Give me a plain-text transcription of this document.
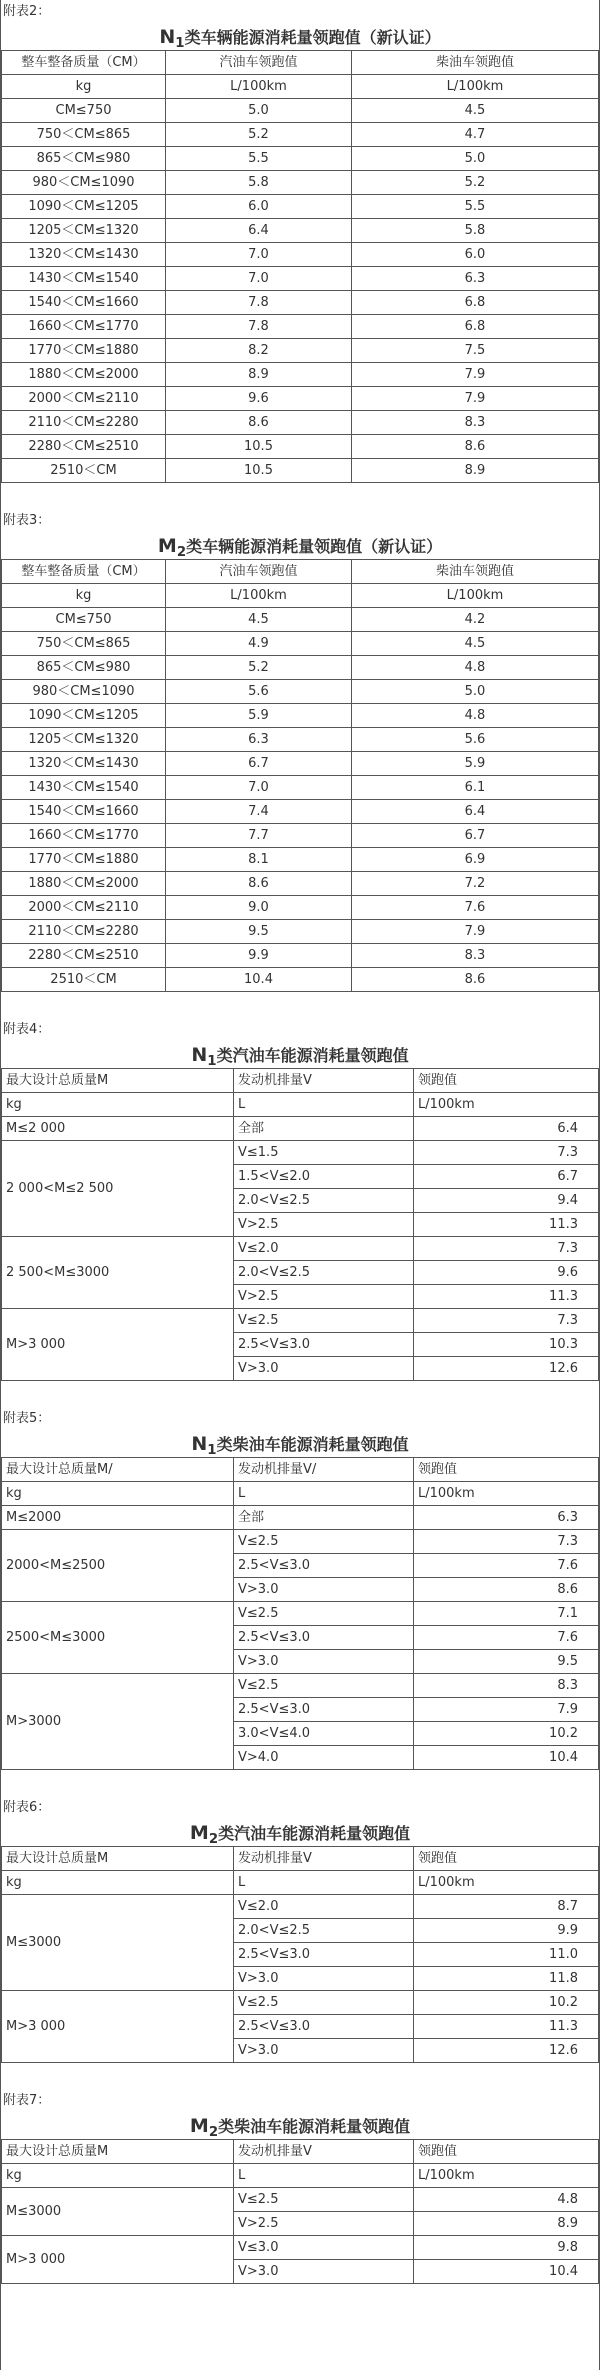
附表2：
$N_1$类车辆能源消耗量领跑值（新认证）
整车整备质量（CM）	汽油车领跑值	柴油车领跑值
kg	L/100km	L/100km
CM≤750	5.0	4.5
750＜CM≤865	5.2	4.7
865＜CM≤980	5.5	5.0
980＜CM≤1090	5.8	5.2
1090＜CM≤1205	6.0	5.5
1205＜CM≤1320	6.4	5.8
1320＜CM≤1430	7.0	6.0
1430＜CM≤1540	7.0	6.3
1540＜CM≤1660	7.8	6.8
1660＜CM≤1770	7.8	6.8
1770＜CM≤1880	8.2	7.5
1880＜CM≤2000	8.9	7.9
2000＜CM≤2110	9.6	7.9
2110＜CM≤2280	8.6	8.3
2280＜CM≤2510	10.5	8.6
2510＜CM	10.5	8.9
附表3：
$M_2$类车辆能源消耗量领跑值（新认证）
整车整备质量（CM）	汽油车领跑值	柴油车领跑值
kg	L/100km	L/100km
CM≤750	4.5	4.2
750＜CM≤865	4.9	4.5
865＜CM≤980	5.2	4.8
980＜CM≤1090	5.6	5.0
1090＜CM≤1205	5.9	4.8
1205＜CM≤1320	6.3	5.6
1320＜CM≤1430	6.7	5.9
1430＜CM≤1540	7.0	6.1
1540＜CM≤1660	7.4	6.4
1660＜CM≤1770	7.7	6.7
1770＜CM≤1880	8.1	6.9
1880＜CM≤2000	8.6	7.2
2000＜CM≤2110	9.0	7.6
2110＜CM≤2280	9.5	7.9
2280＜CM≤2510	9.9	8.3
2510＜CM	10.4	8.6
附表4：
$N_1$类汽油车能源消耗量领跑值
最大设计总质量M	发动机排量V	领跑值
kg	L	L/100km
M≤2 000	全部	6.4
2 000<M≤2 500	V≤1.5	7.3
	1.5<V≤2.0	6.7
	2.0<V≤2.5	9.4
	V>2.5	11.3
2 500<M≤3000	V≤2.0	7.3
	2.0<V≤2.5	9.6
	V>2.5	11.3
M>3 000	V≤2.5	7.3
	2.5<V≤3.0	10.3
	V>3.0	12.6
附表5：
$N_1$类柴油车能源消耗量领跑值
最大设计总质量M/	发动机排量V/	领跑值
kg	L	L/100km
M≤2000	全部	6.3
2000<M≤2500	V≤2.5	7.3
	2.5<V≤3.0	7.6
	V>3.0	8.6
2500<M≤3000	V≤2.5	7.1
	2.5<V≤3.0	7.6
	V>3.0	9.5
M>3000	V≤2.5	8.3
	2.5<V≤3.0	7.9
	3.0<V≤4.0	10.2
	V>4.0	10.4
附表6：
$M_2$类汽油车能源消耗量领跑值
最大设计总质量M	发动机排量V	领跑值
kg	L	L/100km
M≤3000	V≤2.0	8.7
	2.0<V≤2.5	9.9
	2.5<V≤3.0	11.0
	V>3.0	11.8
M>3 000	V≤2.5	10.2
	2.5<V≤3.0	11.3
	V>3.0	12.6
附表7：
$M_2$类柴油车能源消耗量领跑值
最大设计总质量M	发动机排量V	领跑值
kg	L	L/100km
M≤3000	V≤2.5	4.8
	V>2.5	8.9
M>3 000	V≤3.0	9.8
	V>3.0	10.4
